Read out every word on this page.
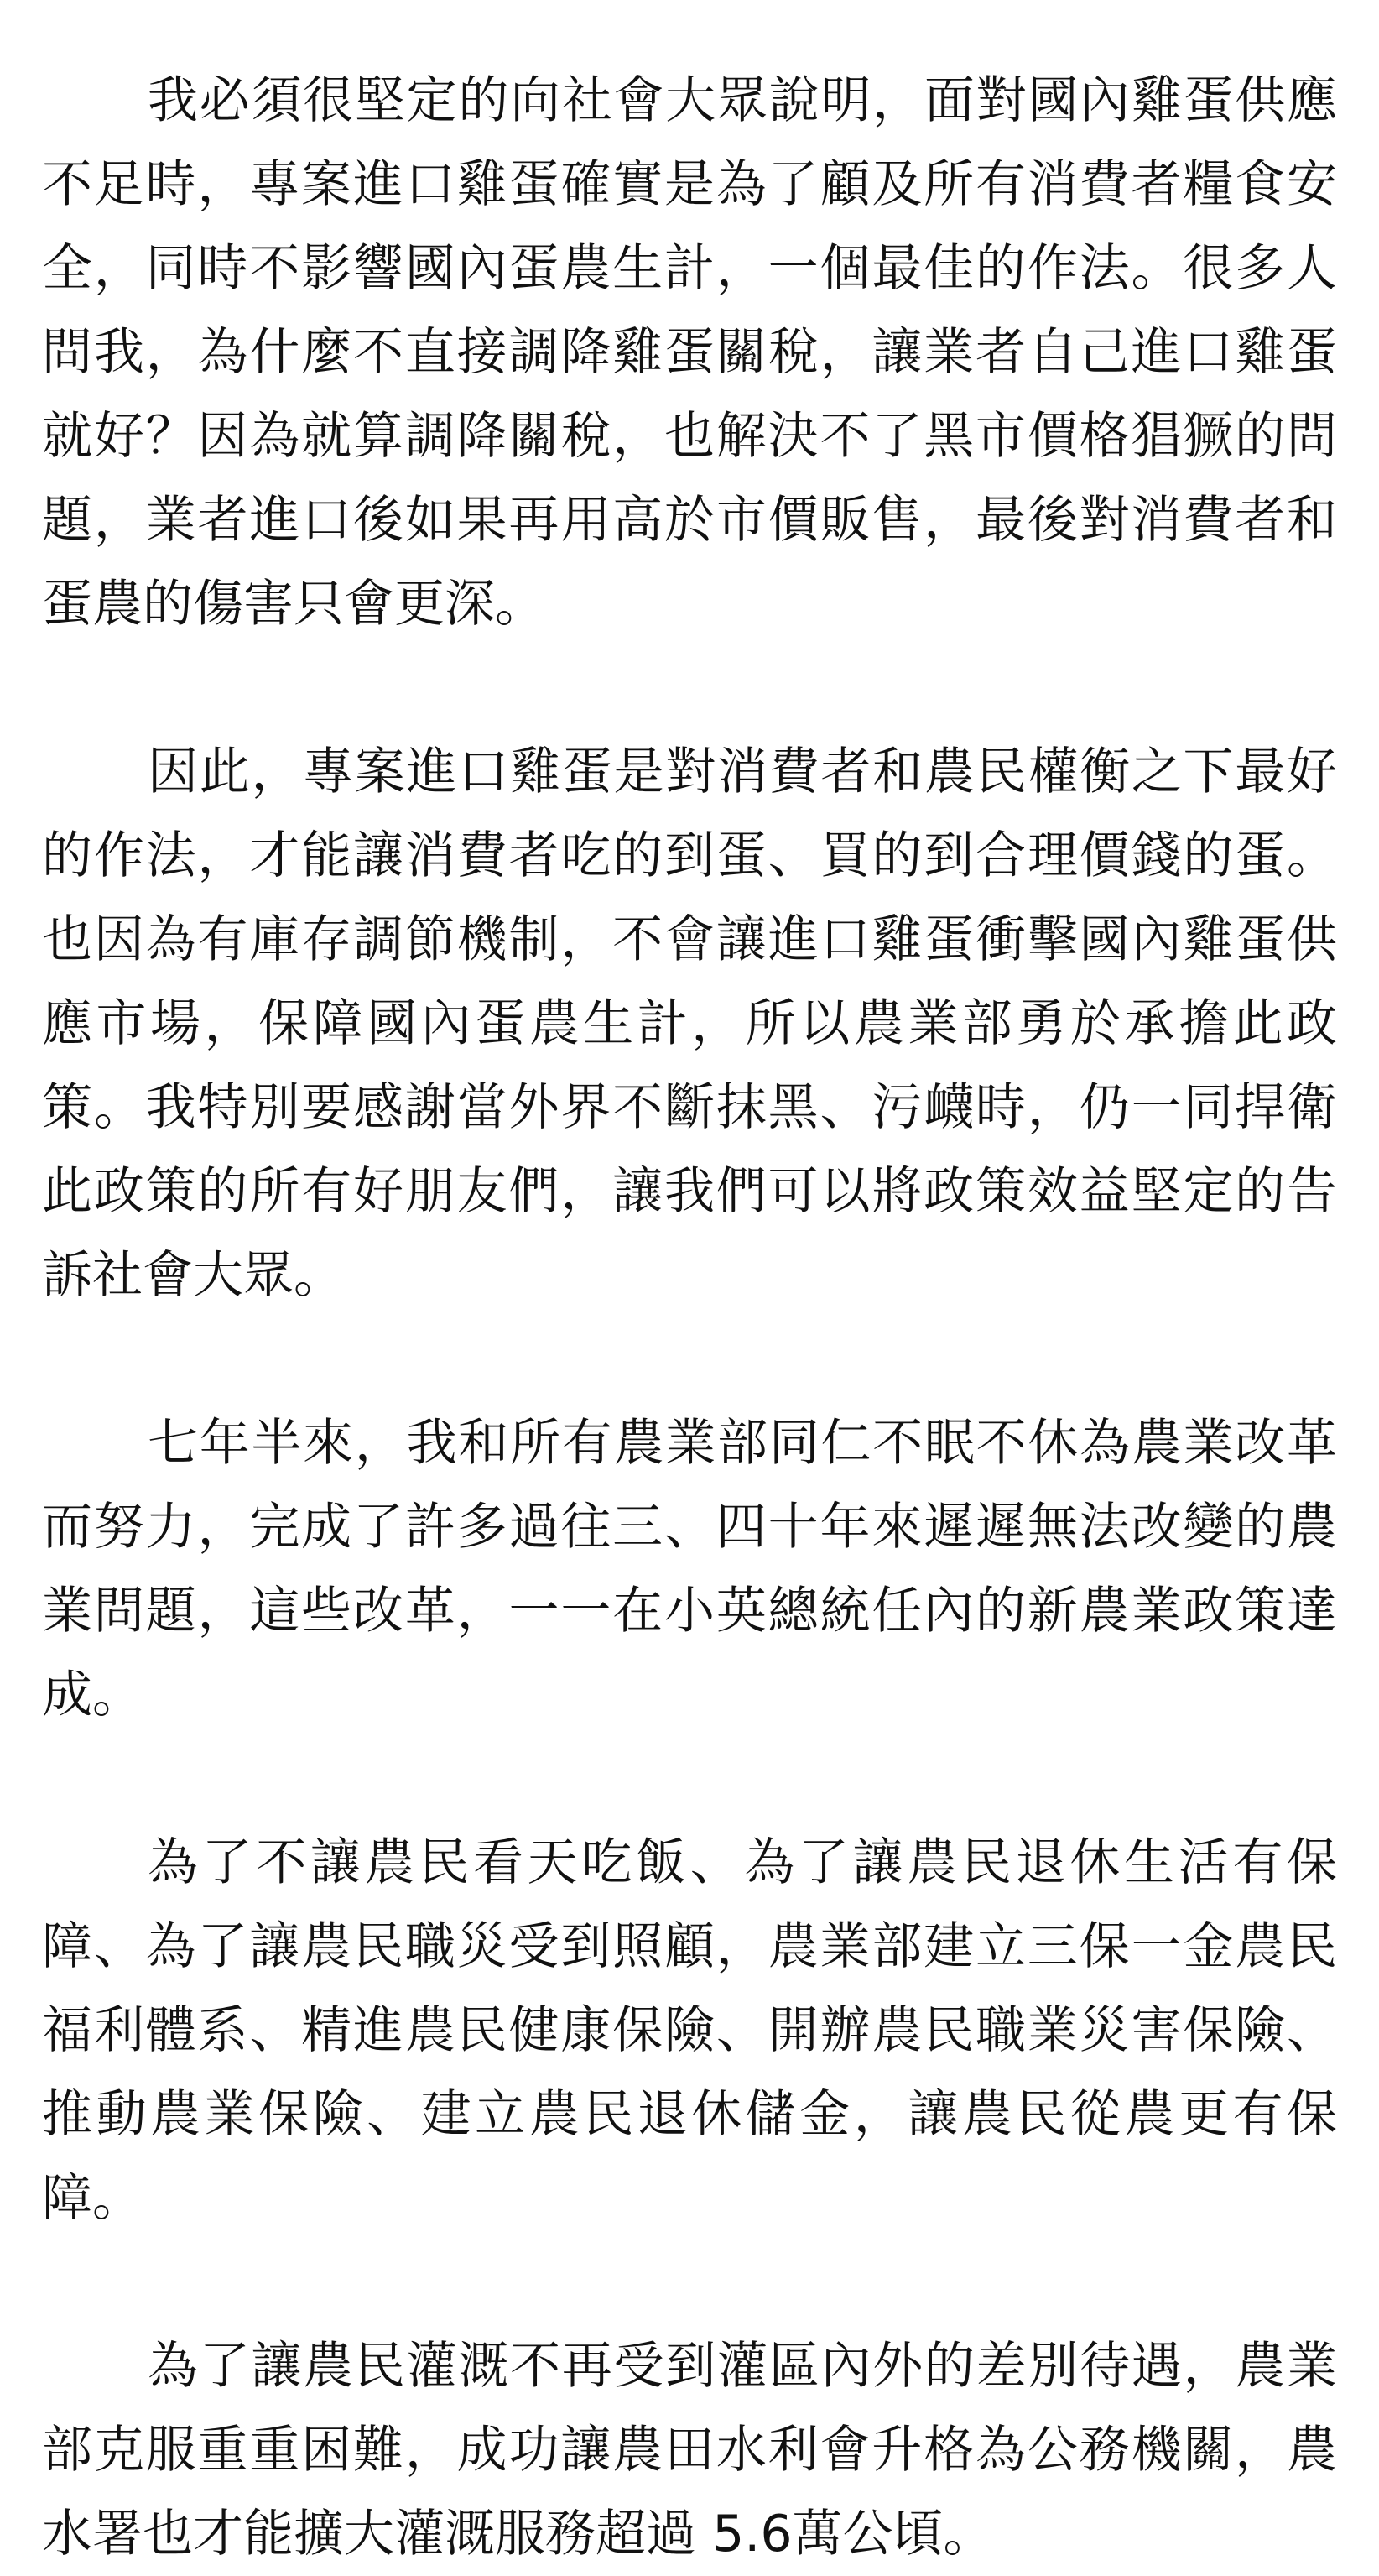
我必須很堅定的向社會大眾說明，面對國內雞蛋供應不足時，專案進口雞蛋確實是為了顧及所有消費者糧食安全，同時不影響國內蛋農生計，一個最佳的作法。很多人問我，為什麼不直接調降雞蛋關稅，讓業者自己進口雞蛋就好？因為就算調降關稅，也解決不了黑市價格猖獗的問題，業者進口後如果再用高於市價販售，最後對消費者和蛋農的傷害只會更深。

因此，專案進口雞蛋是對消費者和農民權衡之下最好的作法，才能讓消費者吃的到蛋、買的到合理價錢的蛋。也因為有庫存調節機制，不會讓進口雞蛋衝擊國內雞蛋供應市場，保障國內蛋農生計，所以農業部勇於承擔此政策。我特別要感謝當外界不斷抹黑、污衊時，仍一同捍衛此政策的所有好朋友們，讓我們可以將政策效益堅定的告訴社會大眾。

七年半來，我和所有農業部同仁不眠不休為農業改革而努力，完成了許多過往三、四十年來遲遲無法改變的農業問題，這些改革，一一在小英總統任內的新農業政策達成。

為了不讓農民看天吃飯、為了讓農民退休生活有保障、為了讓農民職災受到照顧，農業部建立三保一金農民福利體系、精進農民健康保險、開辦農民職業災害保險、推動農業保險、建立農民退休儲金，讓農民從農更有保障。

為了讓農民灌溉不再受到灌區內外的差別待遇，農業部克服重重困難，成功讓農田水利會升格為公務機關，農水署也才能擴大灌溉服務超過 5.6萬公頃。
